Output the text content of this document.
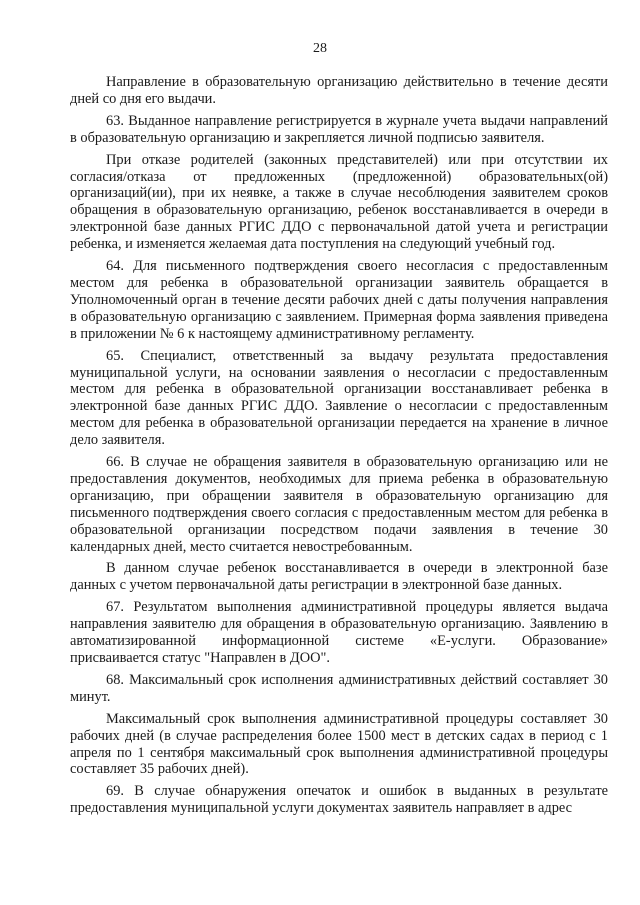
28

Направление в образовательную организацию действительно в течение десяти дней со дня его выдачи.

63. Выданное направление регистрируется в журнале учета выдачи направлений в образовательную организацию и закрепляется личной подписью заявителя.

При отказе родителей (законных представителей) или при отсутствии их согласия/отказа от предложенных (предложенной) образовательных(ой) организаций(ии), при их неявке, а также в случае несоблюдения заявителем сроков обращения в образовательную организацию, ребенок восстанавливается в очереди в электронной базе данных РГИС ДДО с первоначальной датой учета и регистрации ребенка, и изменяется желаемая дата поступления на следующий учебный год.

64. Для письменного подтверждения своего несогласия с предоставленным местом для ребенка в образовательной организации заявитель обращается в Уполномоченный орган в течение десяти рабочих дней с даты получения направления в образовательную организацию с заявлением. Примерная форма заявления приведена в приложении № 6 к настоящему административному регламенту.

65. Специалист, ответственный за выдачу результата предоставления муниципальной услуги, на основании заявления о несогласии с предоставленным местом для ребенка в образовательной организации восстанавливает ребенка в электронной базе данных РГИС ДДО. Заявление о несогласии с предоставленным местом для ребенка в образовательной организации передается на хранение в личное дело заявителя.

66. В случае не обращения заявителя в образовательную организацию или не предоставления документов, необходимых для приема ребенка в образовательную организацию, при обращении заявителя в образовательную организацию для письменного подтверждения своего согласия с предоставленным местом для ребенка в образовательной организации посредством подачи заявления в течение 30 календарных дней, место считается невостребованным.

В данном случае ребенок восстанавливается в очереди в электронной базе данных с учетом первоначальной даты регистрации в электронной базе данных.

67. Результатом выполнения административной процедуры является выдача направления заявителю для обращения в образовательную организацию. Заявлению в автоматизированной информационной системе «Е-услуги. Образование» присваивается статус "Направлен в ДОО".

68. Максимальный срок исполнения административных действий составляет 30 минут.

Максимальный срок выполнения административной процедуры составляет 30 рабочих дней (в случае распределения более 1500 мест в детских садах в период с 1 апреля по 1 сентября максимальный срок выполнения административной процедуры составляет 35 рабочих дней).

69. В случае обнаружения опечаток и ошибок в выданных в результате предоставления муниципальной услуги документах заявитель направляет в адрес
